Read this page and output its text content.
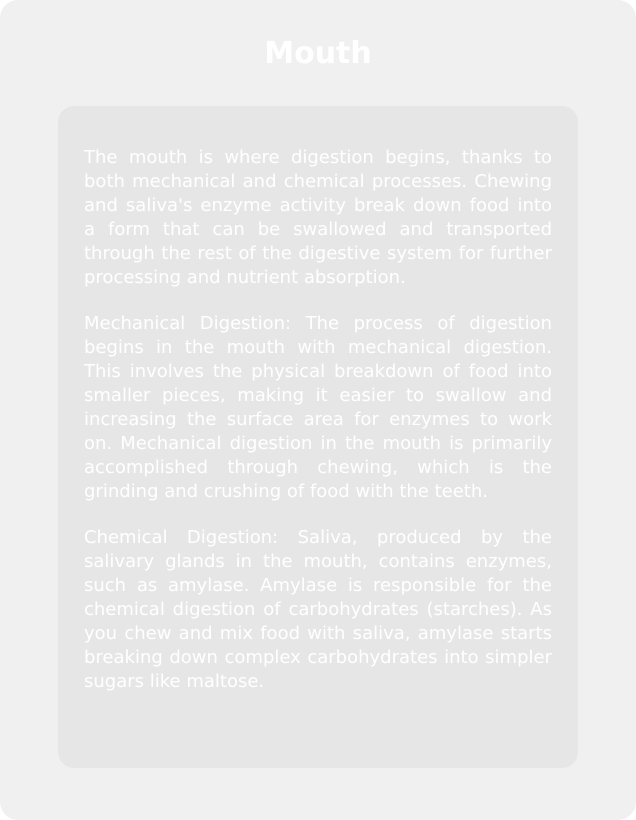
Mouth

The mouth is where digestion begins, thanks to both mechanical and chemical processes. Chewing and saliva's enzyme activity break down food into a form that can be swallowed and transported through the rest of the digestive system for further processing and nutrient absorption.

Mechanical Digestion: The process of digestion begins in the mouth with mechanical digestion. This involves the physical breakdown of food into smaller pieces, making it easier to swallow and increasing the surface area for enzymes to work on. Mechanical digestion in the mouth is primarily accomplished through chewing, which is the grinding and crushing of food with the teeth.

Chemical Digestion: Saliva, produced by the salivary glands in the mouth, contains enzymes, such as amylase. Amylase is responsible for the chemical digestion of carbohydrates (starches). As you chew and mix food with saliva, amylase starts breaking down complex carbohydrates into simpler sugars like maltose.
